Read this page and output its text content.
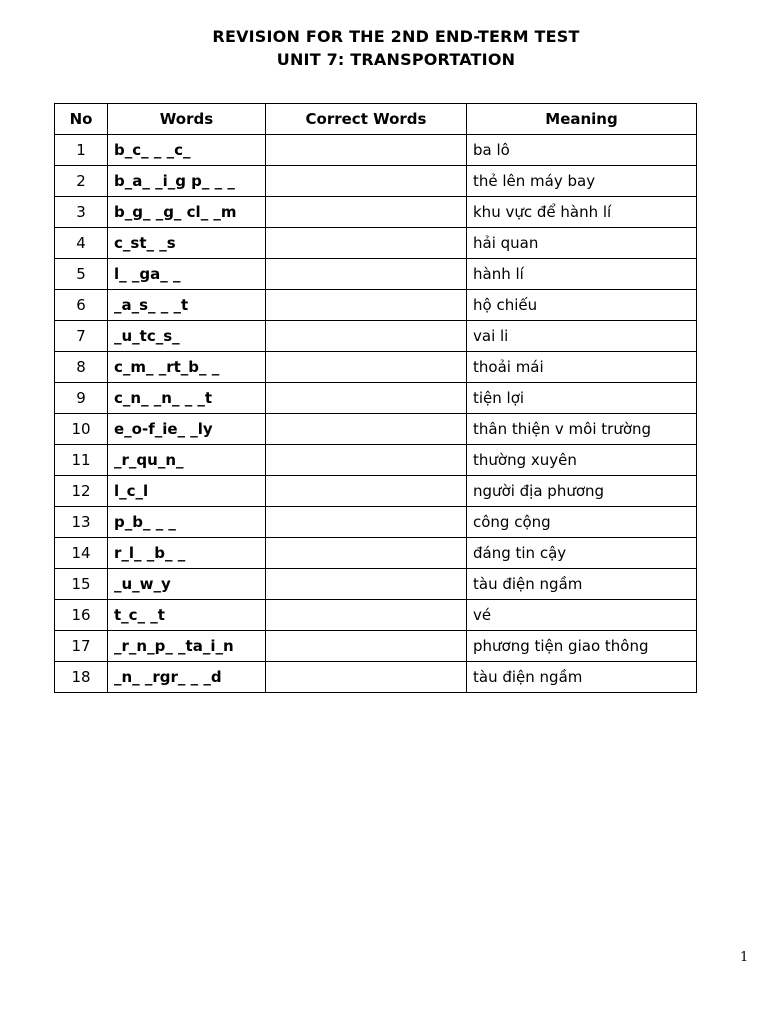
REVISION FOR THE 2ND END-TERM TEST
UNIT 7: TRANSPORTATION
No	Words	Correct Words	Meaning
1	b_c_ _ _c_		ba lô
2	b_a_ _i_g p_ _ _		thẻ lên máy bay
3	b_g_ _g_ cl_ _m		khu vực để hành lí
4	c_st_ _s		hải quan
5	l_ _ga_ _		hành lí
6	_a_s_ _ _t		hộ chiếu
7	_u_tc_s_		vai li
8	c_m_ _rt_b_ _		thoải mái
9	c_n_ _n_ _ _t		tiện lợi
10	e_o-f_ie_ _ly		thân thiện v môi trường
11	_r_qu_n_		thường xuyên
12	l_c_l		người địa phương
13	p_b_ _ _		công cộng
14	r_l_ _b_ _		đáng tin cậy
15	_u_w_y		tàu điện ngầm
16	t_c_ _t		vé
17	_r_n_p_ _ta_i_n		phương tiện giao thông
18	_n_ _rgr_ _ _d		tàu điện ngầm
1
